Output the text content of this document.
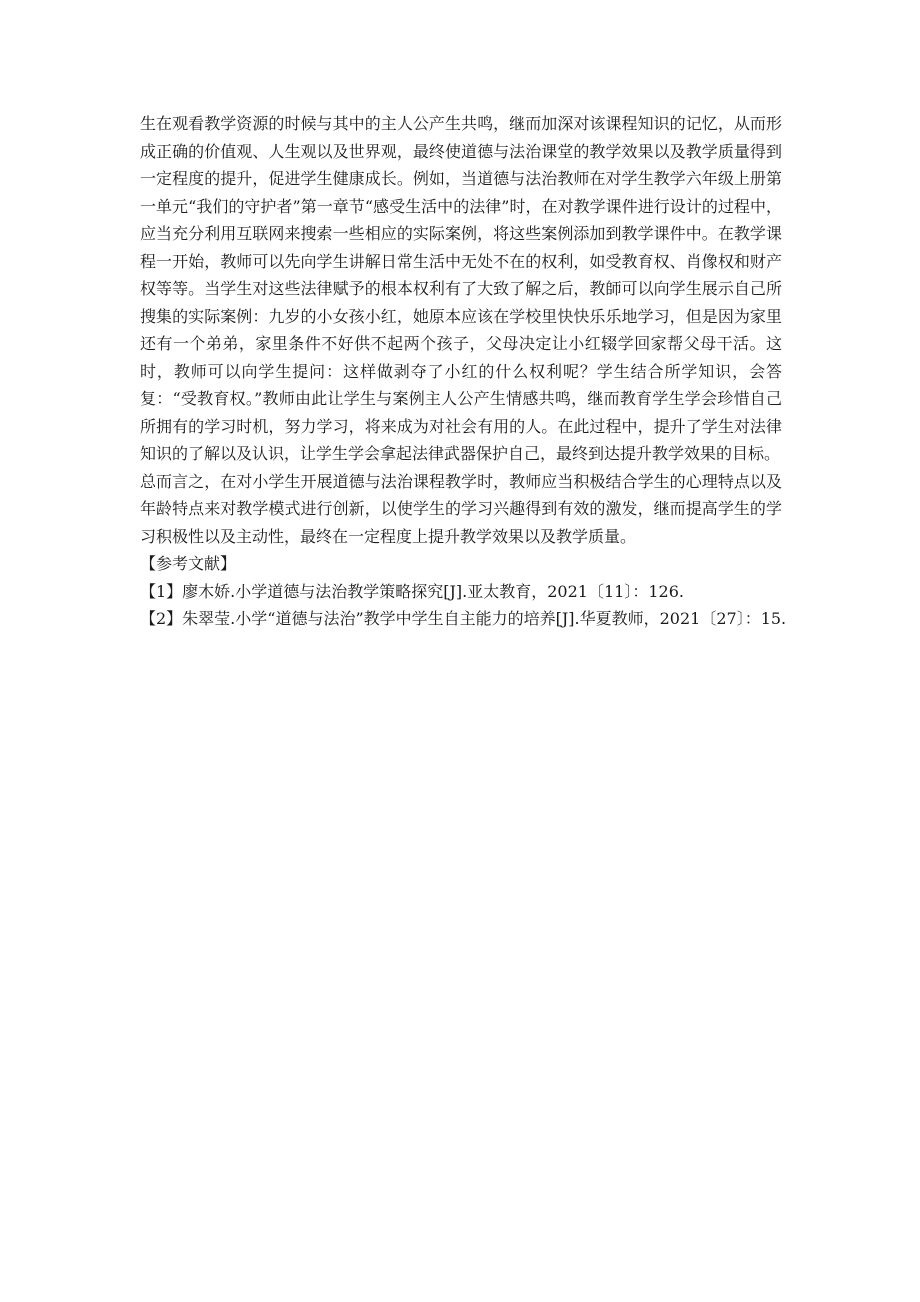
生在观看教学资源的时候与其中的主人公产生共鸣，继而加深对该课程知识的记忆，从而形成正确的价值观、人生观以及世界观，最终使道德与法治课堂的教学效果以及教学质量得到一定程度的提升，促进学生健康成长。例如，当道德与法治教师在对学生教学六年级上册第一单元“我们的守护者”第一章节“感受生活中的法律”时，在对教学课件进行设计的过程中，应当充分利用互联网来搜索一些相应的实际案例，将这些案例添加到教学课件中。在教学课程一开始，教师可以先向学生讲解日常生活中无处不在的权利，如受教育权、肖像权和财产权等等。当学生对这些法律赋予的根本权利有了大致了解之后，教師可以向学生展示自己所搜集的实际案例：九岁的小女孩小红，她原本应该在学校里快快乐乐地学习，但是因为家里还有一个弟弟，家里条件不好供不起两个孩子，父母决定让小红辍学回家帮父母干活。这时，教师可以向学生提问：这样做剥夺了小红的什么权利呢？学生结合所学知识，会答复：“受教育权。”教师由此让学生与案例主人公产生情感共鸣，继而教育学生学会珍惜自己所拥有的学习时机，努力学习，将来成为对社会有用的人。在此过程中，提升了学生对法律知识的了解以及认识，让学生学会拿起法律武器保护自己，最终到达提升教学效果的目标。

总而言之，在对小学生开展道德与法治课程教学时，教师应当积极结合学生的心理特点以及年龄特点来对教学模式进行创新，以使学生的学习兴趣得到有效的激发，继而提高学生的学习积极性以及主动性，最终在一定程度上提升教学效果以及教学质量。

【参考文献】

【1】廖木娇.小学道德与法治教学策略探究[J].亚太教育，2021〔11〕：126.

【2】朱翠莹.小学“道德与法治”教学中学生自主能力的培养[J].华夏教师，2021〔27〕：15.
